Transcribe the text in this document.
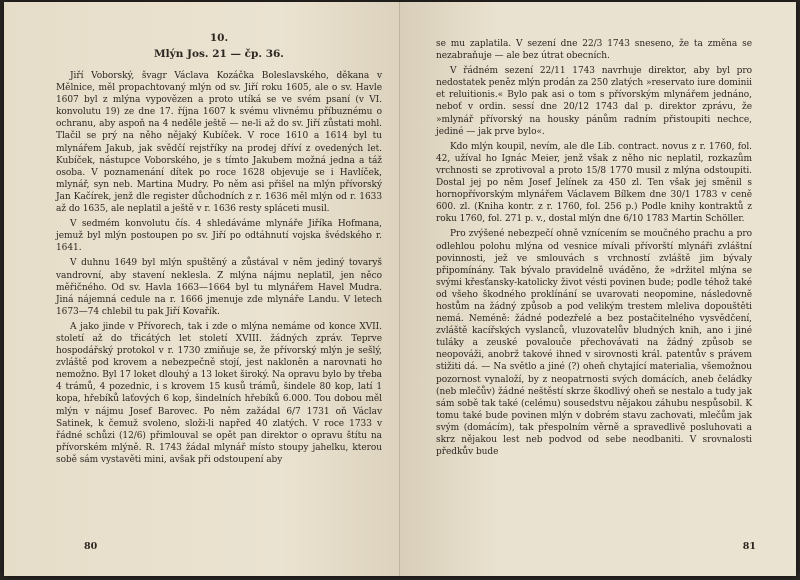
10.
Mlýn Jos. 21 — čp. 36.

Jiří Voborský, švagr Václava Kozáčka Boleslavského, děkana v Mělnice, měl propachtovaný mlýn od sv. Jiří roku 1605, ale o sv. Havle 1607 byl z mlýna vypovězen a proto utíká se ve svém psaní (v VI. konvolutu 19) ze dne 17. října 1607 k svému vlivnému příbuznému o ochranu, aby aspoň na 4 neděle ještě — ne-li až do sv. Jiří zůstati mohl. Tlačil se prý na něho nějaký Kubíček. V roce 1610 a 1614 byl tu mlynářem Jakub, jak svědčí rejstříky na prodej dříví z ovedených let. Kubíček, nástupce Voborského, je s tímto Jakubem možná jedna a táž osoba. V poznamenání dítek po roce 1628 objevuje se i Havlíček, mlynář, syn neb. Martina Mudry. Po něm asi přišel na mlýn přívorský Jan Kačírek, jenž dle register důchodních z r. 1636 měl mlýn od r. 1633 až do 1635, ale neplatil a ještě v r. 1636 resty spláceti musil.

V sedmém konvolutu čís. 4 shledáváme mlynáře Jiříka Hofmana, jemuž byl mlýn postoupen po sv. Jiří po odtáhnutí vojska švédského r. 1641.

V duhnu 1649 byl mlýn spuštěný a zůstával v něm jediný tovaryš vandrovní, aby stavení neklesla. Z mlýna nájmu neplatil, jen něco měřičného. Od sv. Havla 1663—1664 byl tu mlynářem Havel Mudra. Jiná nájemná cedule na r. 1666 jmenuje zde mlynáře Landu. V letech 1673—74 chlebil tu pak Jiří Kovařík.

A jako jinde v Přívorech, tak i zde o mlýna nemáme od konce XVII. století až do třicátých let století XVIII. žádných zpráv. Teprve hospodářský protokol v r. 1730 zmiňuje se, že přívorský mlýn je sešlý, zvláště pod krovem a nebezpečně stojí, jest nakloněn a narovnati ho nemožno. Byl 17 loket dlouhý a 13 loket široký. Na opravu bylo by třeba 4 trámů, 4 pozednic, i s krovem 15 kusů trámů, šindele 80 kop, latí 1 kopa, hřebíků laťových 6 kop, šindelních hřebíků 6.000. Tou dobou měl mlýn v nájmu Josef Barovec. Po něm zažádal 6/7 1731 oň Václav Satinek, k čemuž svoleno, složi-li napřed 40 zlatých. V roce 1733 v řádné schůzi (12/6) přimlouval se opět pan direktor o opravu štítu na přívorském mlýně. R. 1743 žádal mlynář místo stoupy jahelku, kterou sobě sám vystavěti mini, avšak při odstoupení aby

80

se mu zaplatila. V sezení dne 22/3 1743 sneseno, že ta změna se nezabraňuje — ale bez útrat obecních.

V řádném sezení 22/11 1743 navrhuje direktor, aby byl pro nedostatek peněz mlýn prodán za 250 zlatých »reservato iure dominii et reluitionis.« Bylo pak asi o tom s přívorským mlynářem jednáno, neboť v ordin. sessí dne 20/12 1743 dal p. direktor zprávu, že »mlynář přívorský na housky pánům radním přistoupiti nechce, jediné — jak prve bylo«.

Kdo mlýn koupil, nevím, ale dle Lib. contract. novus z r. 1760, fol. 42, užíval ho Ignác Meier, jenž však z něho nic neplatil, rozkazům vrchnosti se zprotivoval a proto 15/8 1770 musil z mlýna odstoupiti. Dostal jej po něm Josef Jelínek za 450 zl. Ten však jej směnil s hornopřívorským mlynářem Václavem Bílkem dne 30/1 1783 v ceně 600. zl. (Kniha kontr. z r. 1760, fol. 256 p.) Podle knihy kontraktů z roku 1760, fol. 271 p. v., dostal mlýn dne 6/10 1783 Martin Schöller.

Pro zvýšené nebezpečí ohně vznícením se moučného prachu a pro odlehlou polohu mlýna od vesnice mívali přívorští mlynáři zvláštní povinnosti, jež ve smlouvách s vrchností zvláště jim bývaly připomínány. Tak bývalo pravidelně uváděno, že »držitel mlýna se svými křesťansky-katolicky život vésti povinen bude; podle téhož také od všeho škodného proklínání se uvarovati neopomine, následovně hostům na žádný způsob a pod velikým trestem mleliva dopouštěti nemá. Neméně: žádné podezřelé a bez postačitelného vysvědčení, zvláště kacířských vyslanců, vluzovatelův bludných knih, ano i jiné tuláky a zeuské povalouče přechovávati na žádný způsob se neopováži, anobrž takové ihned v sirovnosti král. patentův s právem stižiti dá. — Na světlo a jiné (?) oheň chytající materialia, všemožnou pozornost vynaloží, by z neopatrnosti svých domácích, aneb čeládky (neb mlečův) žádné neštěstí skrze škodlivý oheň se nestalo a tudy jak sám sobě tak také (celému) sousedstvu nějakou záhubu nespůsobil. K tomu také bude povinen mlýn v dobrém stavu zachovati, mlečům jak svým (domácím), tak přespolním věrně a spravedlivě posluhovati a skrz nějakou lest neb podvod od sebe neodbaniti. V srovnalosti předkův bude

81
